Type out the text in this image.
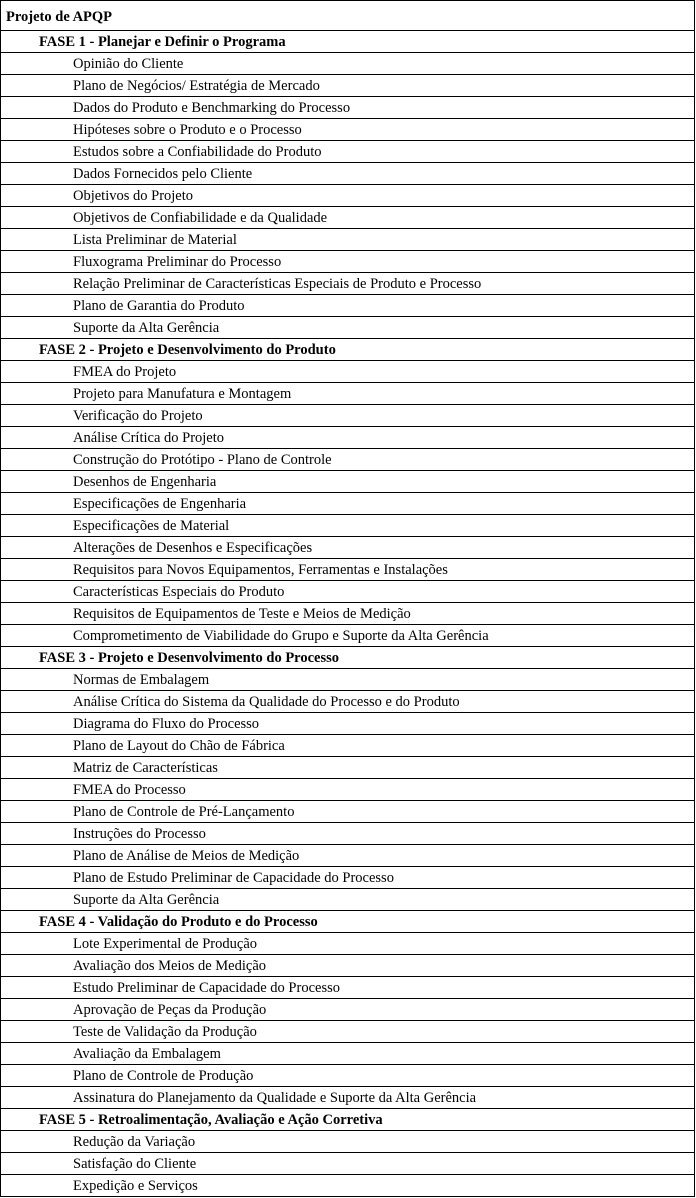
Projeto de APQP
FASE 1 - Planejar e Definir o Programa
Opinião do Cliente
Plano de Negócios/ Estratégia de Mercado
Dados do Produto e Benchmarking do Processo
Hipóteses sobre o Produto e o Processo
Estudos sobre a Confiabilidade do Produto
Dados Fornecidos pelo Cliente
Objetivos do Projeto
Objetivos de Confiabilidade e da Qualidade
Lista Preliminar de Material
Fluxograma Preliminar do Processo
Relação Preliminar de Características Especiais de Produto e Processo
Plano de Garantia do Produto
Suporte da Alta Gerência
FASE 2 - Projeto e Desenvolvimento do Produto
FMEA do Projeto
Projeto para Manufatura e Montagem
Verificação do Projeto
Análise Crítica do Projeto
Construção do Protótipo - Plano de Controle
Desenhos de Engenharia
Especificações de Engenharia
Especificações de Material
Alterações de Desenhos e Especificações
Requisitos para Novos Equipamentos, Ferramentas e Instalações
Características Especiais do Produto
Requisitos de Equipamentos de Teste e Meios de Medição
Comprometimento de Viabilidade do Grupo e Suporte da Alta Gerência
FASE 3 - Projeto e Desenvolvimento do Processo
Normas de Embalagem
Análise Crítica do Sistema da Qualidade do Processo e do Produto
Diagrama do Fluxo do Processo
Plano de Layout do Chão de Fábrica
Matriz de Características
FMEA do Processo
Plano de Controle de Pré-Lançamento
Instruções do Processo
Plano de Análise de Meios de Medição
Plano de Estudo Preliminar de Capacidade do Processo
Suporte da Alta Gerência
FASE 4 - Validação do Produto e do Processo
Lote Experimental de Produção
Avaliação dos Meios de Medição
Estudo Preliminar de Capacidade do Processo
Aprovação de Peças da Produção
Teste de Validação da Produção
Avaliação da Embalagem
Plano de Controle de Produção
Assinatura do Planejamento da Qualidade e Suporte da Alta Gerência
FASE 5 - Retroalimentação, Avaliação e Ação Corretiva
Redução da Variação
Satisfação do Cliente
Expedição e Serviços
